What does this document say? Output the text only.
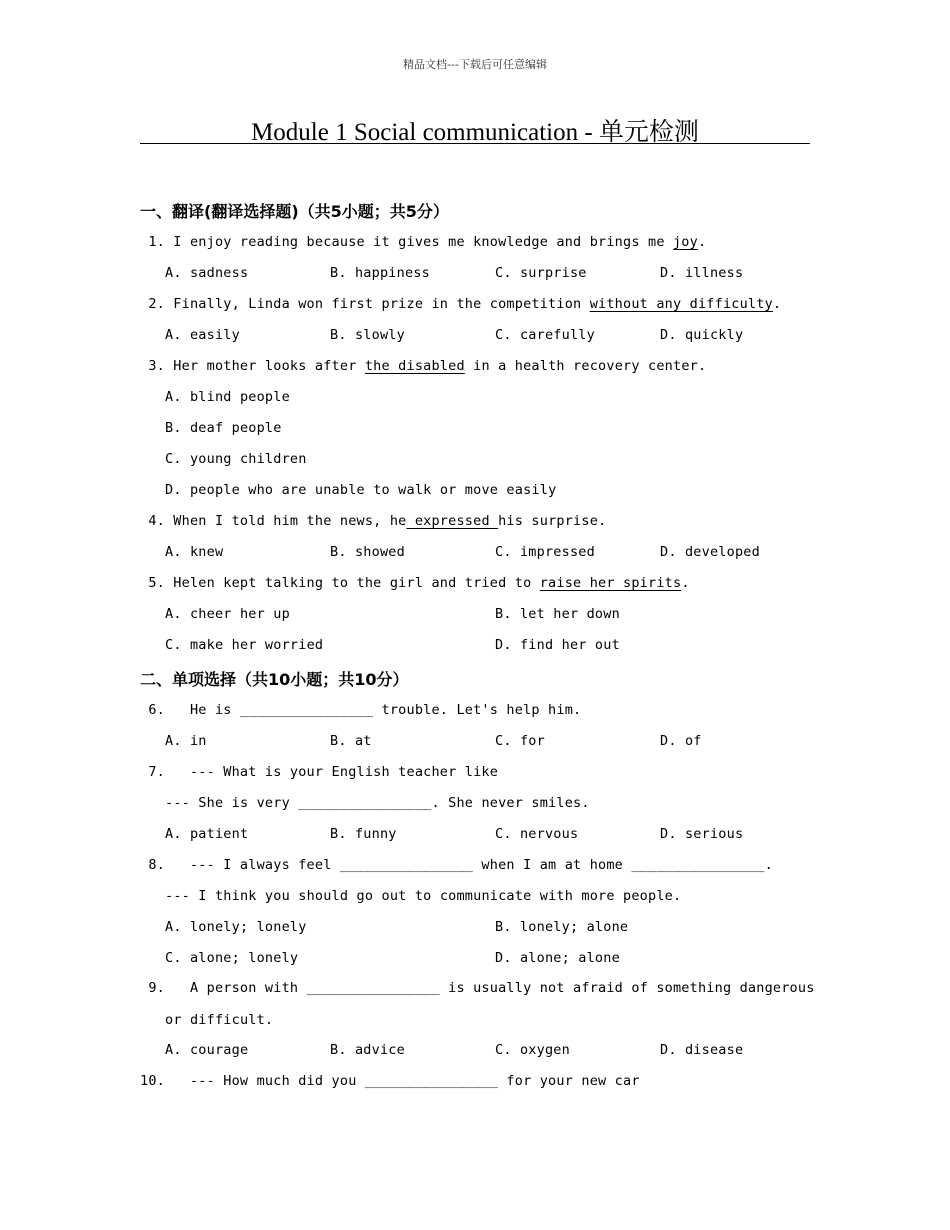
精品文档---下载后可任意编辑
Module 1 Social communication - 单元检测
一、翻译(翻译选择题)（共5小题；共5分）
1. I enjoy reading because it gives me knowledge and brings me joy.
A. sadness	B. happiness	C. surprise	D. illness
2. Finally, Linda won first prize in the competition without any difficulty.
A. easily	B. slowly	C. carefully	D. quickly
3. Her mother looks after the disabled in a health recovery center.
A. blind people
B. deaf people
C. young children
D. people who are unable to walk or move easily
4. When I told him the news, he expressed his surprise.
A. knew	B. showed	C. impressed	D. developed
5. Helen kept talking to the girl and tried to raise her spirits.
A. cheer her up	B. let her down
C. make her worried	D. find her out
二、单项选择（共10小题；共10分）
6.   He is ________________ trouble. Let's help him.
A. in	B. at	C. for	D. of
7.   --- What is your English teacher like
--- She is very ________________. She never smiles.
A. patient	B. funny	C. nervous	D. serious
8.   --- I always feel ________________ when I am at home ________________.
--- I think you should go out to communicate with more people.
A. lonely; lonely	B. lonely; alone
C. alone; lonely	D. alone; alone
9.   A person with ________________ is usually not afraid of something dangerous
or difficult.
A. courage	B. advice	C. oxygen	D. disease
10.   --- How much did you ________________ for your new car
